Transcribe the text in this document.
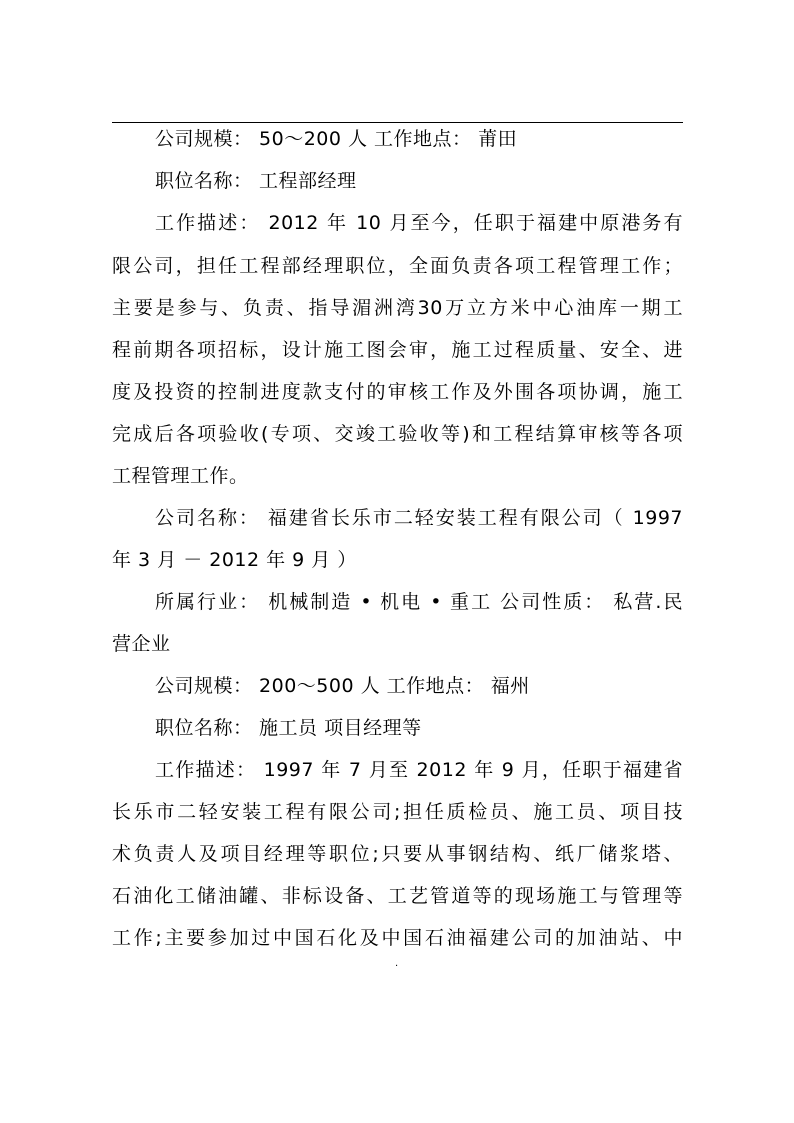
公司规模： 50～200 人 工作地点： 莆田
职位名称： 工程部经理
工作描述： 2012 年 10 月至今，任职于福建中原港务有
限公司，担任工程部经理职位，全面负责各项工程管理工作；
主要是参与、负责、指导湄洲湾30万立方米中心油库一期工
程前期各项招标，设计施工图会审，施工过程质量、安全、进
度及投资的控制进度款支付的审核工作及外围各项协调，施工
完成后各项验收(专项、交竣工验收等)和工程结算审核等各项
工程管理工作。
公司名称： 福建省长乐市二轻安装工程有限公司（ 1997
年 3 月 － 2012 年 9 月 ）
所属行业： 机械制造 • 机电 • 重工 公司性质： 私营.民
营企业
公司规模： 200～500 人 工作地点： 福州
职位名称： 施工员 项目经理等
工作描述： 1997 年 7 月至 2012 年 9 月，任职于福建省
长乐市二轻安装工程有限公司;担任质检员、施工员、项目技
术负责人及项目经理等职位;只要从事钢结构、纸厂储浆塔、
石油化工储油罐、非标设备、工艺管道等的现场施工与管理等
工作;主要参加过中国石化及中国石油福建公司的加油站、中
.
